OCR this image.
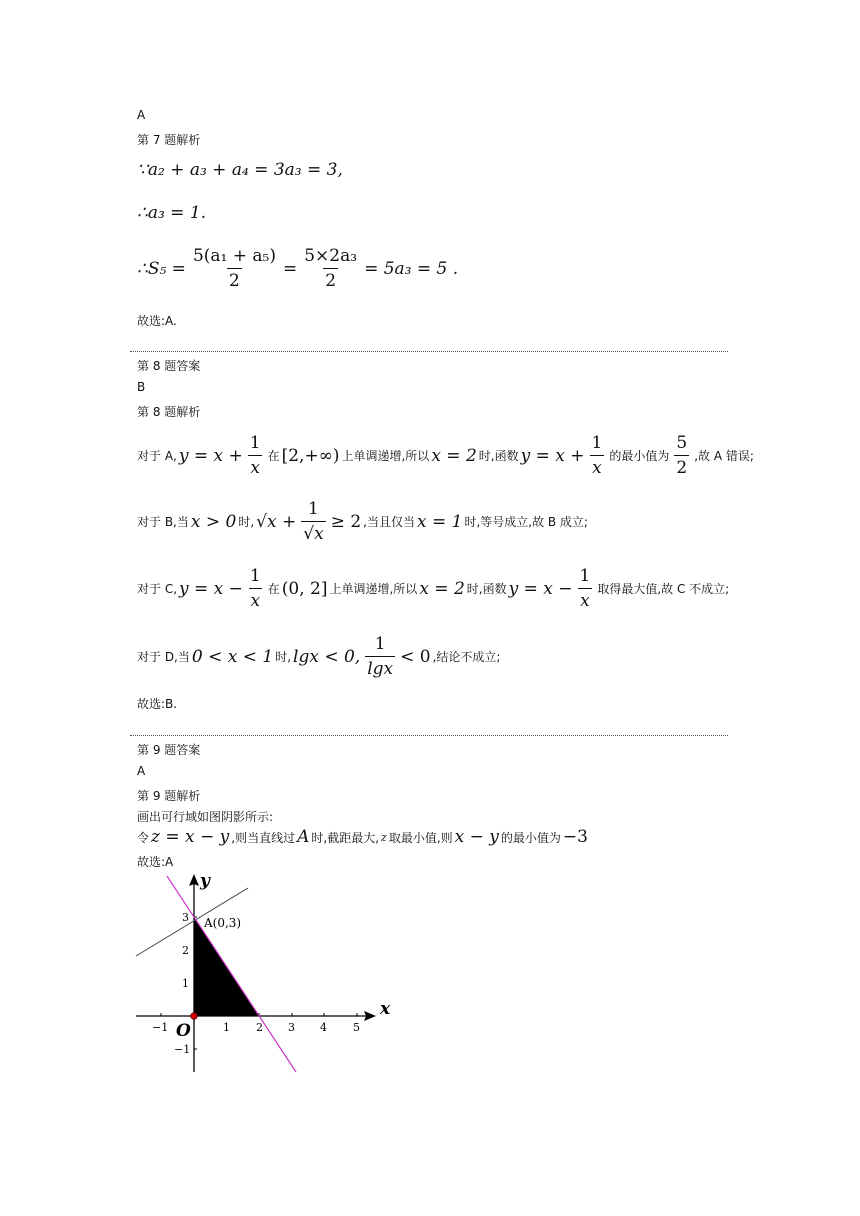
A
第 7 题解析
∵a₂ + a₃ + a₄ = 3a₃ = 3,
∴a₃ = 1.
∴S₅ = $\frac{\text{5(a₁ + a₅)}}{2} = \frac{\text{5×2a₃}}{2} = 5a_3 = 5$ .
故选:A.
第 8 题答案
B
第 8 题解析
对于 A, $y = x + \frac{1}{x}$ 在 [2,+∞) 上单调递增,所以 x = 2 时,函数 $y = x + \frac{1}{x}$ 的最小值为 $\frac{5}{2}$ ,故 A 错误;
对于 B,当 x > 0 时, $√x + \frac{1}{√x} \ge 2$ ,当且仅当 x = 1 时,等号成立,故 B 成立;
对于 C, $y = x - \frac{1}{x}$ 在 (0, 2] 上单调递增,所以 x = 2 时,函数 $y = x - \frac{1}{x}$ 取得最大值,故 C 不成立;
对于 D,当 0 < x < 1 时, lgx < 0, $\frac{1}{\lg x} < 0$ ,结论不成立;
故选:B.
第 9 题答案
A
第 9 题解析
画出可行域如图阴影所示:
令 z = x − y ,则当直线过 A 时,截距最大, z 取最小值,则 x − y 的最小值为 −3
故选:A
y
x
O
A(0,3)
−1	1 2 3 4 5
3
2
1
−1
